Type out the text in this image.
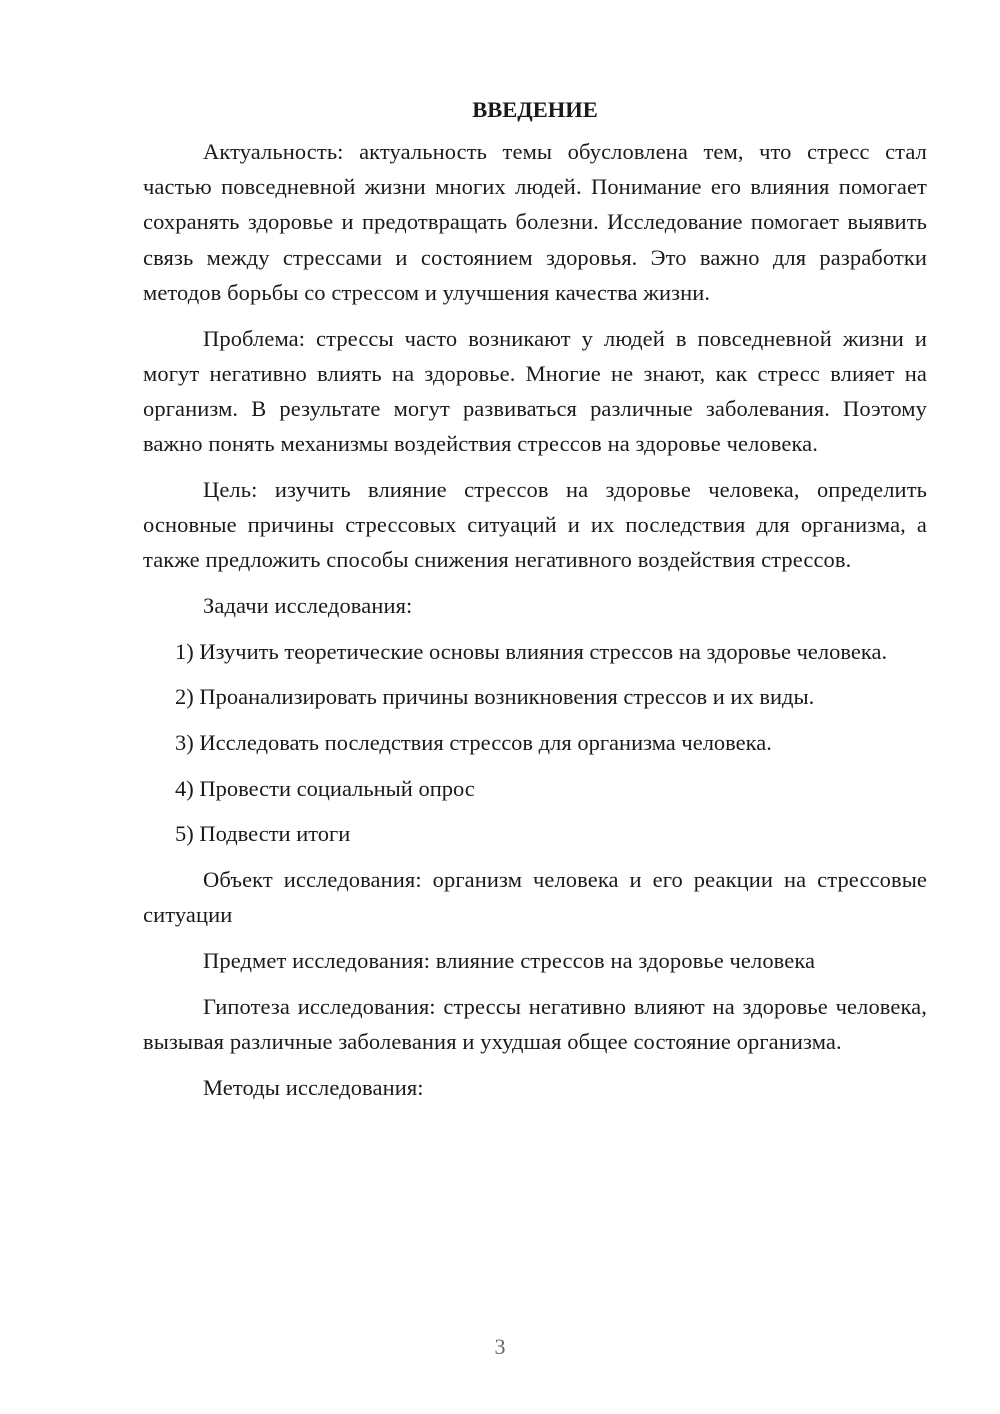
ВВЕДЕНИЕ

Актуальность: актуальность темы обусловлена тем, что стресс стал частью повседневной жизни многих людей. Понимание его влияния помогает сохранять здоровье и предотвращать болезни. Исследование помогает выявить связь между стрессами и состоянием здоровья. Это важно для разработки методов борьбы со стрессом и улучшения качества жизни.

Проблема: стрессы часто возникают у людей в повседневной жизни и могут негативно влиять на здоровье. Многие не знают, как стресс влияет на организм. В результате могут развиваться различные заболевания. Поэтому важно понять механизмы воздействия стрессов на здоровье человека.

Цель: изучить влияние стрессов на здоровье человека, определить основные причины стрессовых ситуаций и их последствия для организма, а также предложить способы снижения негативного воздействия стрессов.

Задачи исследования:

1) Изучить теоретические основы влияния стрессов на здоровье человека.

2) Проанализировать причины возникновения стрессов и их виды.

3) Исследовать последствия стрессов для организма человека.

4) Провести социальный опрос

5) Подвести итоги

Объект исследования: организм человека и его реакции на стрессовые ситуации

Предмет исследования: влияние стрессов на здоровье человека

Гипотеза исследования: стрессы негативно влияют на здоровье человека, вызывая различные заболевания и ухудшая общее состояние организма.

Методы исследования:

3
